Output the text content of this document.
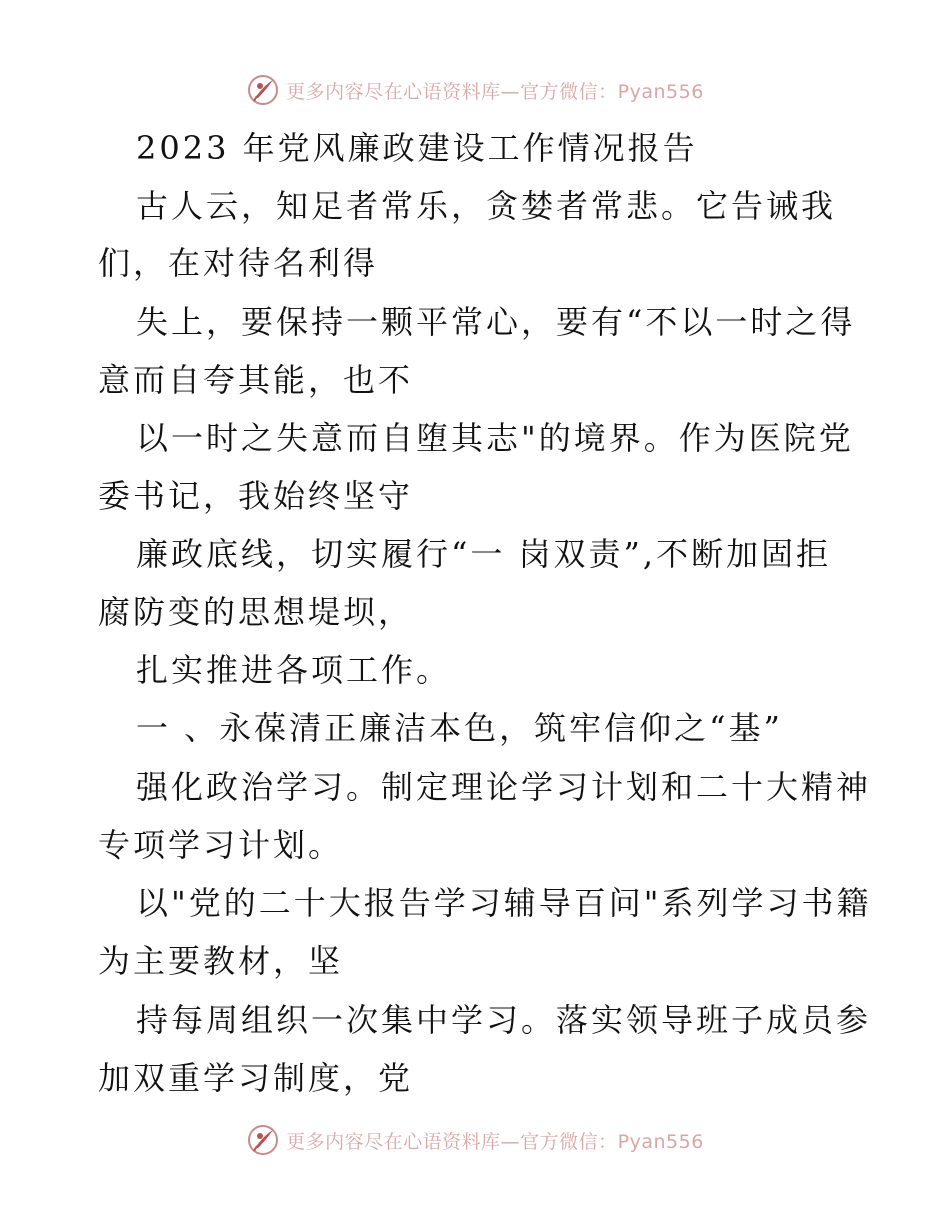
更多内容尽在心语资料库—官方微信：Pyan556
2023 年党风廉政建设工作情况报告
古人云，知足者常乐，贪婪者常悲。它告诫我
们，在对待名利得
失上，要保持一颗平常心，要有“不以一时之得
意而自夸其能，也不
以一时之失意而自堕其志"的境界。作为医院党
委书记，我始终坚守
廉政底线，切实履行“一 岗双责”,不断加固拒
腐防变的思想堤坝，
扎实推进各项工作。
一 、永葆清正廉洁本色，筑牢信仰之“基”
强化政治学习。制定理论学习计划和二十大精神
专项学习计划。
以"党的二十大报告学习辅导百问"系列学习书籍
为主要教材，坚
持每周组织一次集中学习。落实领导班子成员参
加双重学习制度，党
更多内容尽在心语资料库—官方微信：Pyan556
